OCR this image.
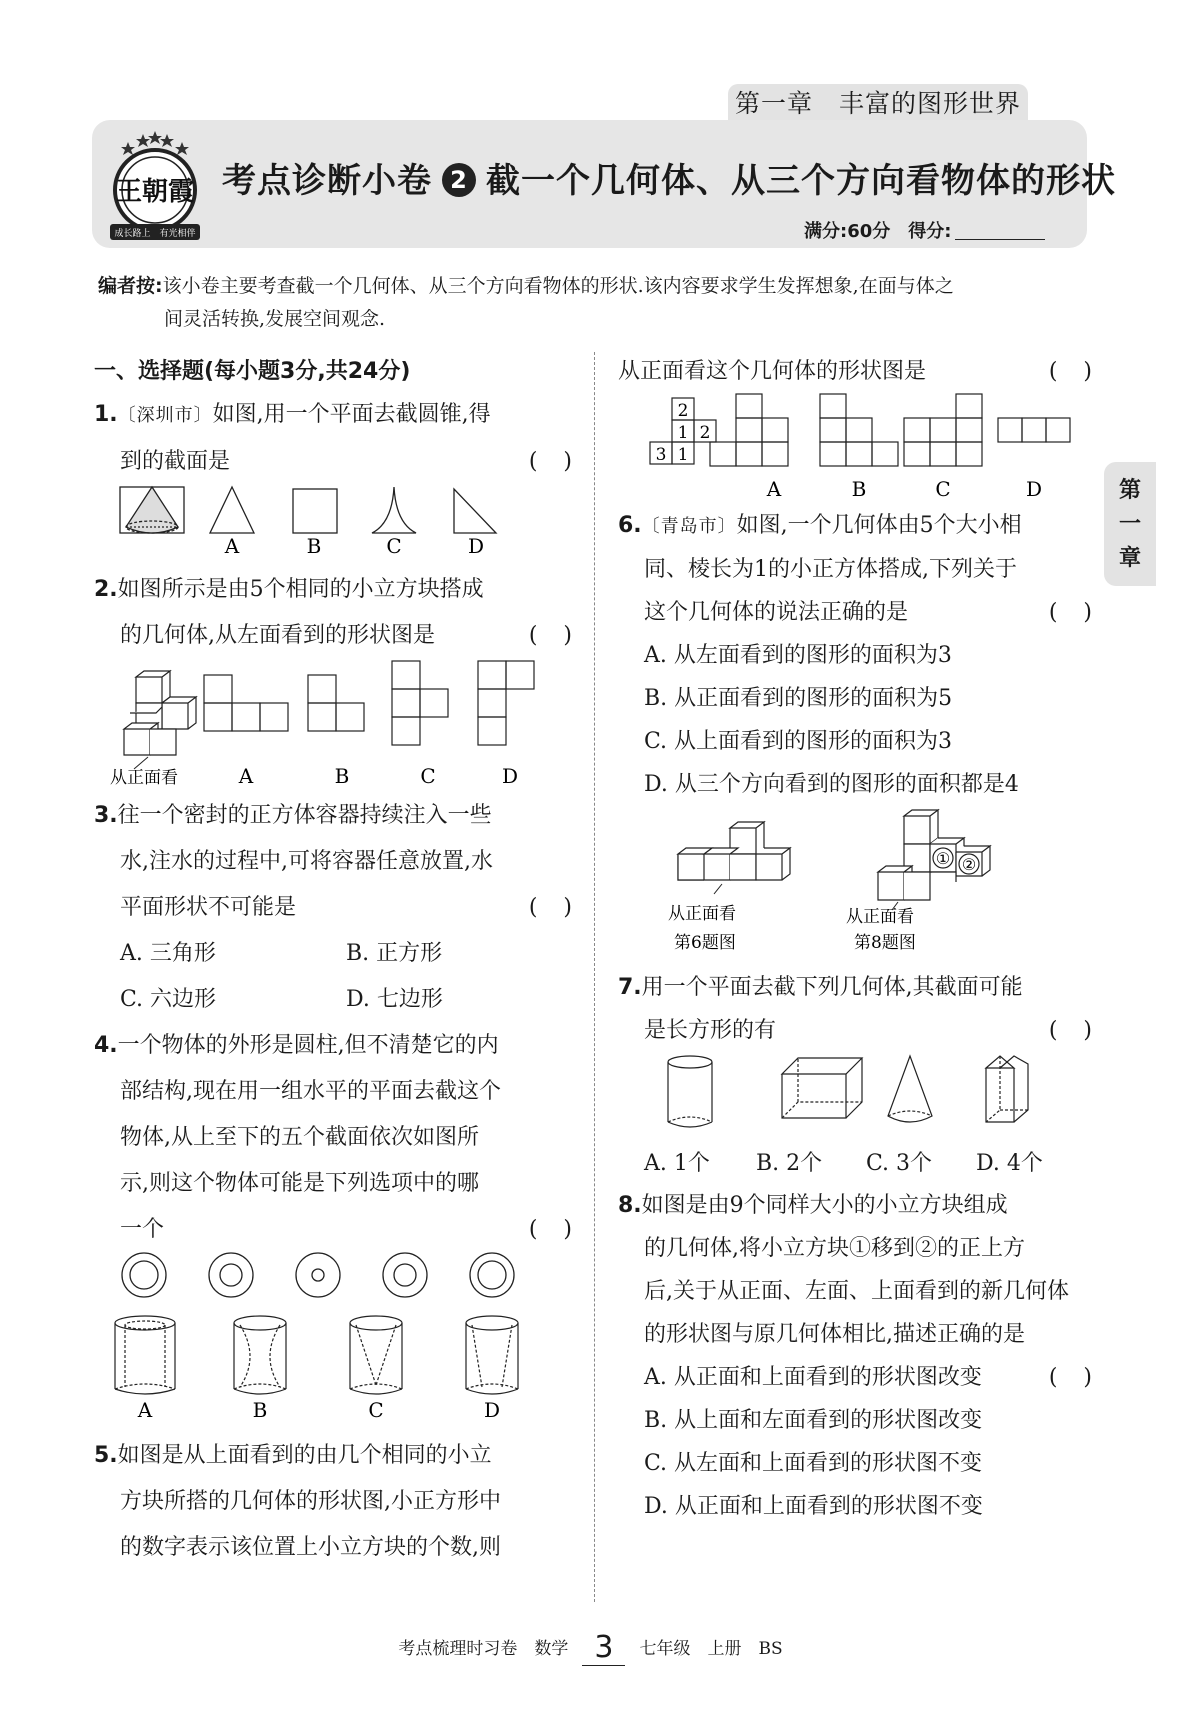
第一章　丰富的图形世界
王朝霞
成长路上　有光相伴
考点诊断小卷 2 截一个几何体、从三个方向看物体的形状
满分:60分　得分:
编者按:该小卷主要考查截一个几何体、从三个方向看物体的形状.该内容要求学生发挥想象,在面与体之
间灵活转换,发展空间观念.
一、选择题(每小题3分,共24分)
1.〔深圳市〕如图,用一个平面去截圆锥,得
到的截面是	()
A	B	C	D
2.如图所示是由5个相同的小立方块搭成
的几何体,从左面看到的形状图是	()
从正面看	A	B	C	D
3.往一个密封的正方体容器持续注入一些
水,注水的过程中,可将容器任意放置,水
平面形状不可能是	()
A. 三角形	B. 正方形
C. 六边形	D. 七边形
4.一个物体的外形是圆柱,但不清楚它的内
部结构,现在用一组水平的平面去截这个
物体,从上至下的五个截面依次如图所
示,则这个物体可能是下列选项中的哪
一个	()
A	B	C	D
5.如图是从上面看到的由几个相同的小立
方块所搭的几何体的形状图,小正方形中
的数字表示该位置上小立方块的个数,则
从正面看这个几何体的形状图是	()
2
1 2
3 1
A	B	C	D
6.〔青岛市〕如图,一个几何体由5个大小相
同、棱长为1的小正方体搭成,下列关于
这个几何体的说法正确的是	()
A. 从左面看到的图形的面积为3
B. 从正面看到的图形的面积为5
C. 从上面看到的图形的面积为3
D. 从三个方向看到的图形的面积都是4
从正面看
第6题图
① ②
从正面看
第8题图
7.用一个平面去截下列几何体,其截面可能
是长方形的有	()
A. 1个	B. 2个	C. 3个	D. 4个
8.如图是由9个同样大小的小立方块组成
的几何体,将小立方块①移到②的正上方
后,关于从正面、左面、上面看到的新几何体
的形状图与原几何体相比,描述正确的是
()
A. 从正面和上面看到的形状图改变
B. 从上面和左面看到的形状图改变
C. 从左面和上面看到的形状图不变
D. 从正面和上面看到的形状图不变
第
一
章
考点梳理时习卷　数学 3 七年级　上册　BS
